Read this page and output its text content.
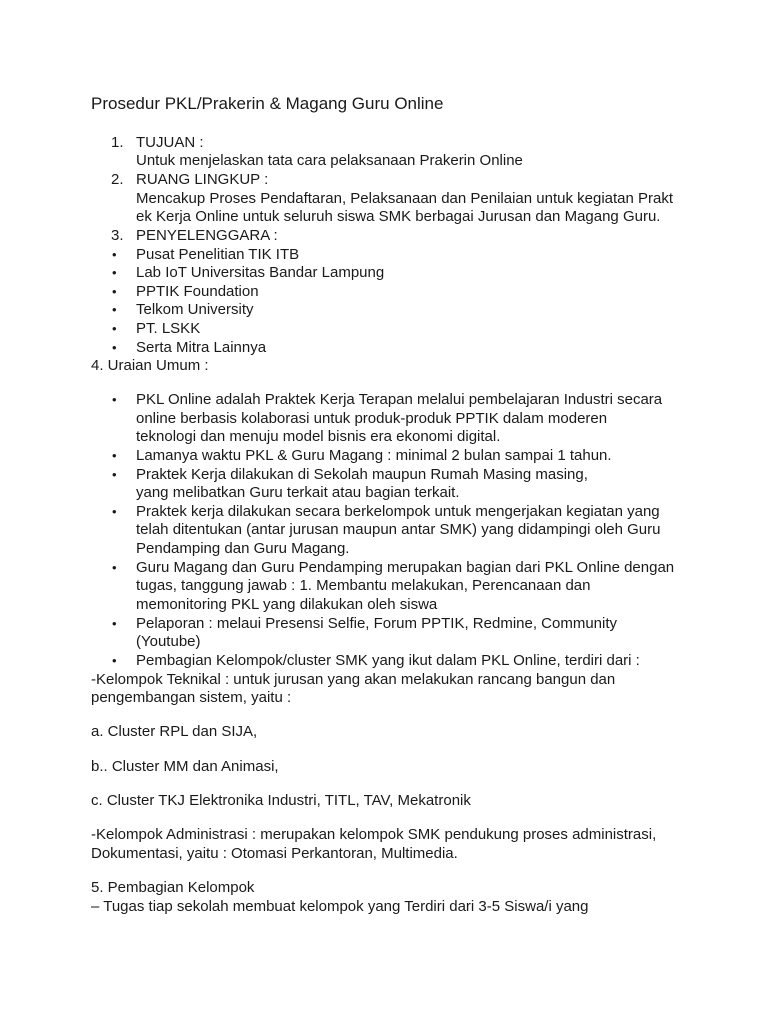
Prosedur PKL/Prakerin & Magang Guru Online
1. TUJUAN :
Untuk menjelaskan tata cara pelaksanaan Prakerin Online
2. RUANG LINGKUP :
Mencakup Proses Pendaftaran, Pelaksanaan dan Penilaian untuk kegiatan Prakt
ek Kerja Online untuk seluruh siswa SMK berbagai Jurusan dan Magang Guru.
3. PENYELENGGARA :
• Pusat Penelitian TIK ITB
• Lab IoT Universitas Bandar Lampung
• PPTIK Foundation
• Telkom University
• PT. LSKK
• Serta Mitra Lainnya
4. Uraian Umum :
• PKL Online adalah Praktek Kerja Terapan melalui pembelajaran Industri secara
online berbasis kolaborasi untuk produk-produk PPTIK dalam moderen
teknologi dan menuju model bisnis era ekonomi digital.
• Lamanya waktu PKL & Guru Magang : minimal 2 bulan sampai 1 tahun.
• Praktek Kerja dilakukan di Sekolah maupun Rumah Masing masing,
yang melibatkan Guru terkait atau bagian terkait.
• Praktek kerja dilakukan secara berkelompok untuk mengerjakan kegiatan yang
telah ditentukan (antar jurusan maupun antar SMK) yang didampingi oleh Guru
Pendamping dan Guru Magang.
• Guru Magang dan Guru Pendamping merupakan bagian dari PKL Online dengan
tugas, tanggung jawab : 1. Membantu melakukan, Perencanaan dan
memonitoring PKL yang dilakukan oleh siswa
• Pelaporan : melaui Presensi Selfie, Forum PPTIK, Redmine, Community
(Youtube)
• Pembagian Kelompok/cluster SMK yang ikut dalam PKL Online, terdiri dari :
-Kelompok Teknikal : untuk jurusan yang akan melakukan rancang bangun dan
pengembangan sistem, yaitu :
a. Cluster RPL dan SIJA,
b.. Cluster MM dan Animasi,
c. Cluster TKJ Elektronika Industri, TITL, TAV, Mekatronik
-Kelompok Administrasi : merupakan kelompok SMK pendukung proses administrasi,
Dokumentasi, yaitu : Otomasi Perkantoran, Multimedia.
5. Pembagian Kelompok
– Tugas tiap sekolah membuat kelompok yang Terdiri dari 3-5 Siswa/i yang
